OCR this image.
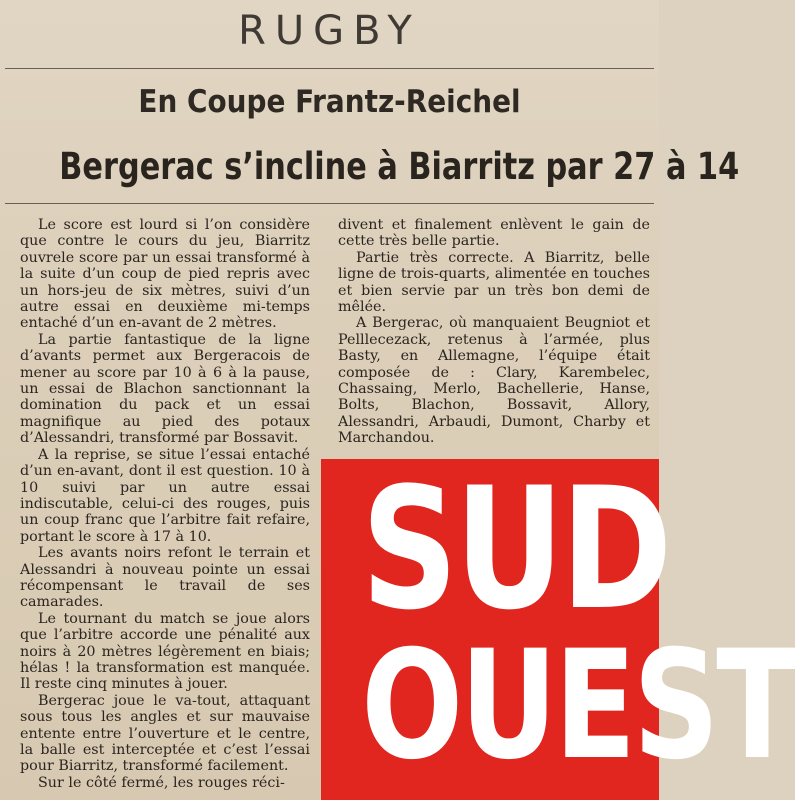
RUGBY
En Coupe Frantz-Reichel
Bergerac s’incline à Biarritz par 27 à 14

Le score est lourd si l’on considère que contre le cours du jeu, Biarritz ouvrele score par un essai transformé à la suite d’un coup de pied repris avec un hors-jeu de six mètres, suivi d’un autre essai en deuxième mi-temps entaché d’un en-avant de 2 mètres.

La partie fantastique de la ligne d’avants permet aux Bergeracois de mener au score par 10 à 6 à la pause, un essai de Blachon sanctionnant la domination du pack et un essai magnifique au pied des potaux d’Alessandri, transformé par Bossavit.

A la reprise, se situe l’essai entaché d’un en-avant, dont il est question. 10 à 10 suivi par un autre essai indiscutable, celui-ci des rouges, puis un coup franc que l’arbitre fait refaire, portant le score à 17 à 10.

Les avants noirs refont le terrain et Alessandri à nouveau pointe un essai récompensant le travail de ses camarades.

Le tournant du match se joue alors que l’arbitre accorde une pénalité aux noirs à 20 mètres légèrement en biais; hélas ! la transformation est manquée. Il reste cinq minutes à jouer.

Bergerac joue le va-tout, attaquant sous tous les angles et sur mauvaise entente entre l’ouverture et le centre, la balle est interceptée et c’est l’essai pour Biarritz, transformé facilement.

Sur le côté fermé, les rouges réci-

divent et finalement enlèvent le gain de cette très belle partie.

Partie très correcte. A Biarritz, belle ligne de trois-quarts, alimentée en touches et bien servie par un très bon demi de mêlée.

A Bergerac, où manquaient Beugniot et Pelllecezack, retenus à l’armée, plus Basty, en Allemagne, l’équipe était composée de : Clary, Karembelec, Chassaing, Merlo, Bachellerie, Hanse, Bolts, Blachon, Bossavit, Allory, Alessandri, Arbaudi, Dumont, Charby et Marchandou.

SUD
OUEST
